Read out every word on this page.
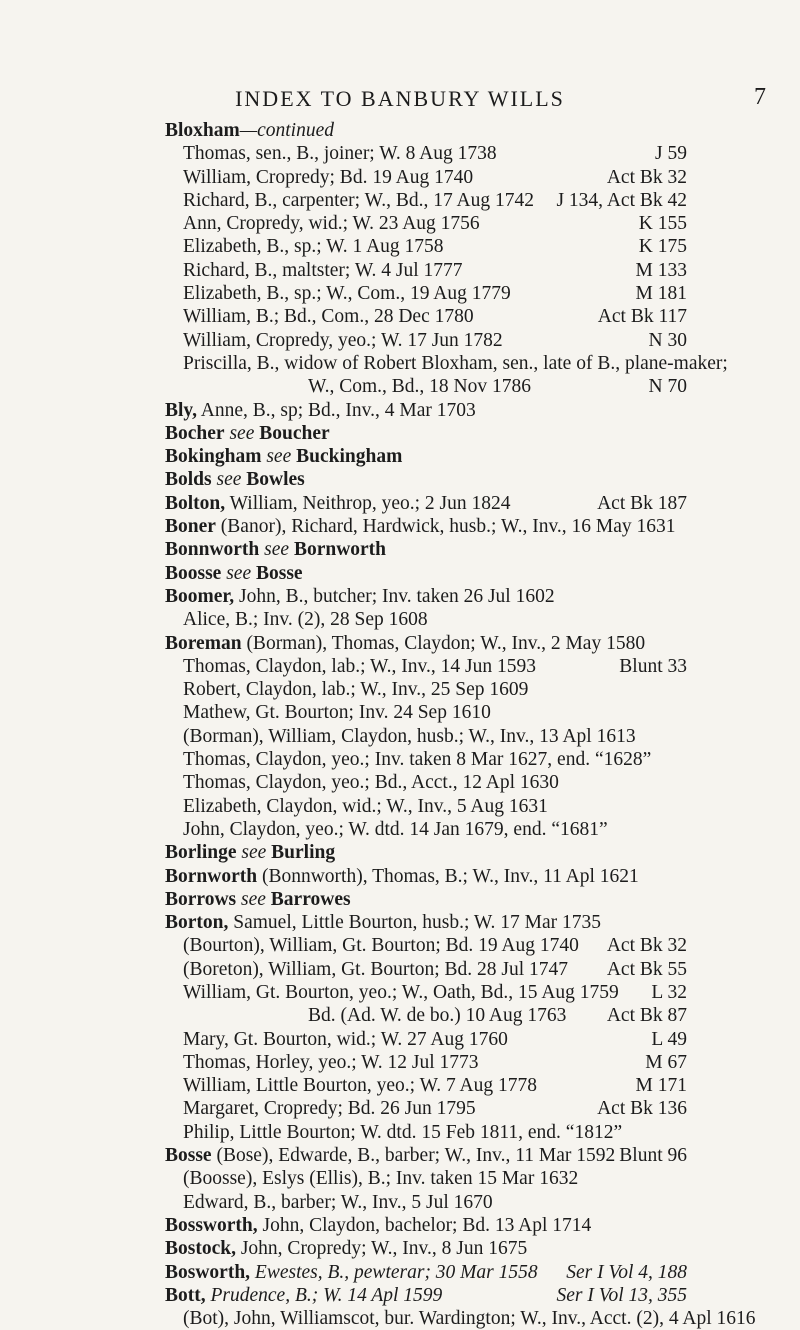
INDEX TO BANBURY WILLS	7
Bloxham—continued
Thomas, sen., B., joiner; W. 8 Aug 1738	J 59
William, Cropredy; Bd. 19 Aug 1740	Act Bk 32
Richard, B., carpenter; W., Bd., 17 Aug 1742 J 134, Act Bk 42
Ann, Cropredy, wid.; W. 23 Aug 1756	K 155
Elizabeth, B., sp.; W. 1 Aug 1758	K 175
Richard, B., maltster; W. 4 Jul 1777	M 133
Elizabeth, B., sp.; W., Com., 19 Aug 1779	M 181
William, B.; Bd., Com., 28 Dec 1780	Act Bk 117
William, Cropredy, yeo.; W. 17 Jun 1782	N 30
Priscilla, B., widow of Robert Bloxham, sen., late of B., plane-maker;
W., Com., Bd., 18 Nov 1786	N 70
Bly, Anne, B., sp; Bd., Inv., 4 Mar 1703
Bocher see Boucher
Bokingham see Buckingham
Bolds see Bowles
Bolton, William, Neithrop, yeo.; 2 Jun 1824	Act Bk 187
Boner (Banor), Richard, Hardwick, husb.; W., Inv., 16 May 1631
Bonnworth see Bornworth
Boosse see Bosse
Boomer, John, B., butcher; Inv. taken 26 Jul 1602
Alice, B.; Inv. (2), 28 Sep 1608
Boreman (Borman), Thomas, Claydon; W., Inv., 2 May 1580
Thomas, Claydon, lab.; W., Inv., 14 Jun 1593	Blunt 33
Robert, Claydon, lab.; W., Inv., 25 Sep 1609
Mathew, Gt. Bourton; Inv. 24 Sep 1610
(Borman), William, Claydon, husb.; W., Inv., 13 Apl 1613
Thomas, Claydon, yeo.; Inv. taken 8 Mar 1627, end. “1628”
Thomas, Claydon, yeo.; Bd., Acct., 12 Apl 1630
Elizabeth, Claydon, wid.; W., Inv., 5 Aug 1631
John, Claydon, yeo.; W. dtd. 14 Jan 1679, end. “1681”
Borlinge see Burling
Bornworth (Bonnworth), Thomas, B.; W., Inv., 11 Apl 1621
Borrows see Barrowes
Borton, Samuel, Little Bourton, husb.; W. 17 Mar 1735
(Bourton), William, Gt. Bourton; Bd. 19 Aug 1740 Act Bk 32
(Boreton), William, Gt. Bourton; Bd. 28 Jul 1747 Act Bk 55
William, Gt. Bourton, yeo.; W., Oath, Bd., 15 Aug 1759 L 32
Bd. (Ad. W. de bo.) 10 Aug 1763 Act Bk 87
Mary, Gt. Bourton, wid.; W. 27 Aug 1760	L 49
Thomas, Horley, yeo.; W. 12 Jul 1773	M 67
William, Little Bourton, yeo.; W. 7 Aug 1778	M 171
Margaret, Cropredy; Bd. 26 Jun 1795	Act Bk 136
Philip, Little Bourton; W. dtd. 15 Feb 1811, end. “1812”
Bosse (Bose), Edwarde, B., barber; W., Inv., 11 Mar 1592 Blunt 96
(Boosse), Eslys (Ellis), B.; Inv. taken 15 Mar 1632
Edward, B., barber; W., Inv., 5 Jul 1670
Bossworth, John, Claydon, bachelor; Bd. 13 Apl 1714
Bostock, John, Cropredy; W., Inv., 8 Jun 1675
Bosworth, Ewestes, B., pewterar; 30 Mar 1558 Ser I Vol 4, 188
Bott, Prudence, B.; W. 14 Apl 1599	Ser I Vol 13, 355
(Bot), John, Williamscot, bur. Wardington; W., Inv., Acct. (2), 4 Apl 1616
